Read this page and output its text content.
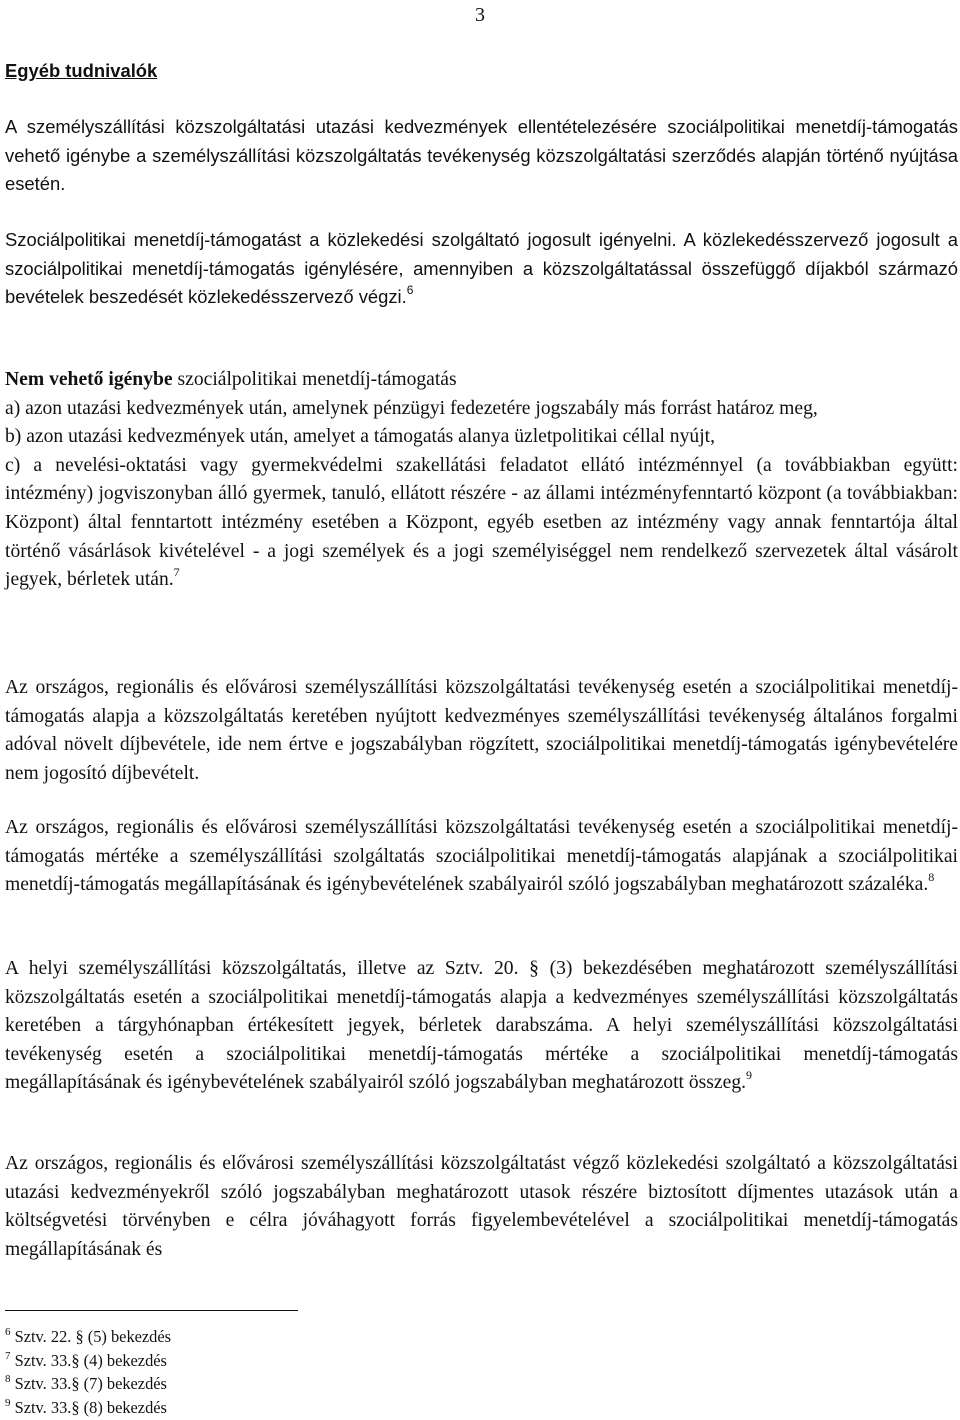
3
Egyéb tudnivalók

A személyszállítási közszolgáltatási utazási kedvezmények ellentételezésére szociálpolitikai menetdíj-támogatás vehető igénybe a személyszállítási közszolgáltatás tevékenység közszolgáltatási szerződés alapján történő nyújtása esetén.

Szociálpolitikai menetdíj-támogatást a közlekedési szolgáltató jogosult igényelni. A közlekedésszervező jogosult a szociálpolitikai menetdíj-támogatás igénylésére, amennyiben a közszolgáltatással összefüggő díjakból származó bevételek beszedését közlekedésszervező végzi.$^6$

Nem vehető igénybe szociálpolitikai menetdíj-támogatás

a) azon utazási kedvezmények után, amelynek pénzügyi fedezetére jogszabály más forrást határoz meg,

b) azon utazási kedvezmények után, amelyet a támogatás alanya üzletpolitikai céllal nyújt,

c) a nevelési-oktatási vagy gyermekvédelmi szakellátási feladatot ellátó intézménnyel (a továbbiakban együtt: intézmény) jogviszonyban álló gyermek, tanuló, ellátott részére - az állami intézményfenntartó központ (a továbbiakban: Központ) által fenntartott intézmény esetében a Központ, egyéb esetben az intézmény vagy annak fenntartója által történő vásárlások kivételével - a jogi személyek és a jogi személyiséggel nem rendelkező szervezetek által vásárolt jegyek, bérletek után.$^7$

Az országos, regionális és elővárosi személyszállítási közszolgáltatási tevékenység esetén a szociálpolitikai menetdíj-támogatás alapja a közszolgáltatás keretében nyújtott kedvezményes személyszállítási tevékenység általános forgalmi adóval növelt díjbevétele, ide nem értve e jogszabályban rögzített, szociálpolitikai menetdíj-támogatás igénybevételére nem jogosító díjbevételt.

Az országos, regionális és elővárosi személyszállítási közszolgáltatási tevékenység esetén a szociálpolitikai menetdíj-támogatás mértéke a személyszállítási szolgáltatás szociálpolitikai menetdíj-támogatás alapjának a szociálpolitikai menetdíj-támogatás megállapításának és igénybevételének szabályairól szóló jogszabályban meghatározott százaléka.$^8$

A helyi személyszállítási közszolgáltatás, illetve az Sztv. 20. § (3) bekezdésében meghatározott személyszállítási közszolgáltatás esetén a szociálpolitikai menetdíj-támogatás alapja a kedvezményes személyszállítási közszolgáltatás keretében a tárgyhónapban értékesített jegyek, bérletek darabszáma. A helyi személyszállítási közszolgáltatási tevékenység esetén a szociálpolitikai menetdíj-támogatás mértéke a szociálpolitikai menetdíj-támogatás megállapításának és igénybevételének szabályairól szóló jogszabályban meghatározott összeg.$^9$

Az országos, regionális és elővárosi személyszállítási közszolgáltatást végző közlekedési szolgáltató a közszolgáltatási utazási kedvezményekről szóló jogszabályban meghatározott utasok részére biztosított díjmentes utazások után a költségvetési törvényben e célra jóváhagyott forrás figyelembevételével a szociálpolitikai menetdíj-támogatás megállapításának és

$^6$ Sztv. 22. § (5) bekezdés
$^7$ Sztv. 33.§ (4) bekezdés
$^8$ Sztv. 33.§ (7) bekezdés
$^9$ Sztv. 33.§ (8) bekezdés
